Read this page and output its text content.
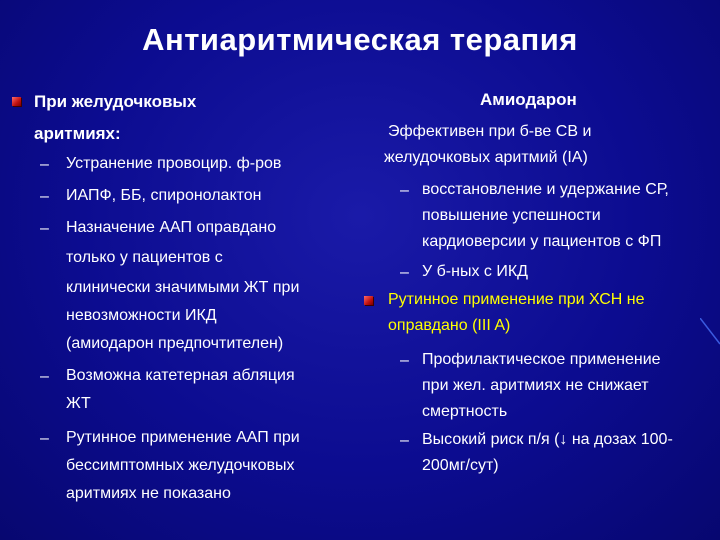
Антиаритмическая терапия
При желудочковых
аритмиях:
– Устранение провоцир. ф-ров
– ИАПФ, ББ, спиронолактон
– Назначение ААП оправдано
только у пациентов с
клинически значимыми ЖТ при
невозможности ИКД
(амиодарон предпочтителен)
– Возможна катетерная абляция
ЖТ
– Рутинное применение ААП при
бессимптомных желудочковых
аритмиях не показано
Амиодарон
Эффективен при б-ве СВ и
желудочковых аритмий (IA)
– восстановление и удержание СР,
повышение успешности
кардиоверсии у пациентов с ФП
– У б-ных с ИКД
Рутинное применение при ХСН не
оправдано (III A)
– Профилактическое применение
при жел. аритмиях не снижает
смертность
– Высокий риск п/я (↓ на дозах 100-
200мг/сут)
